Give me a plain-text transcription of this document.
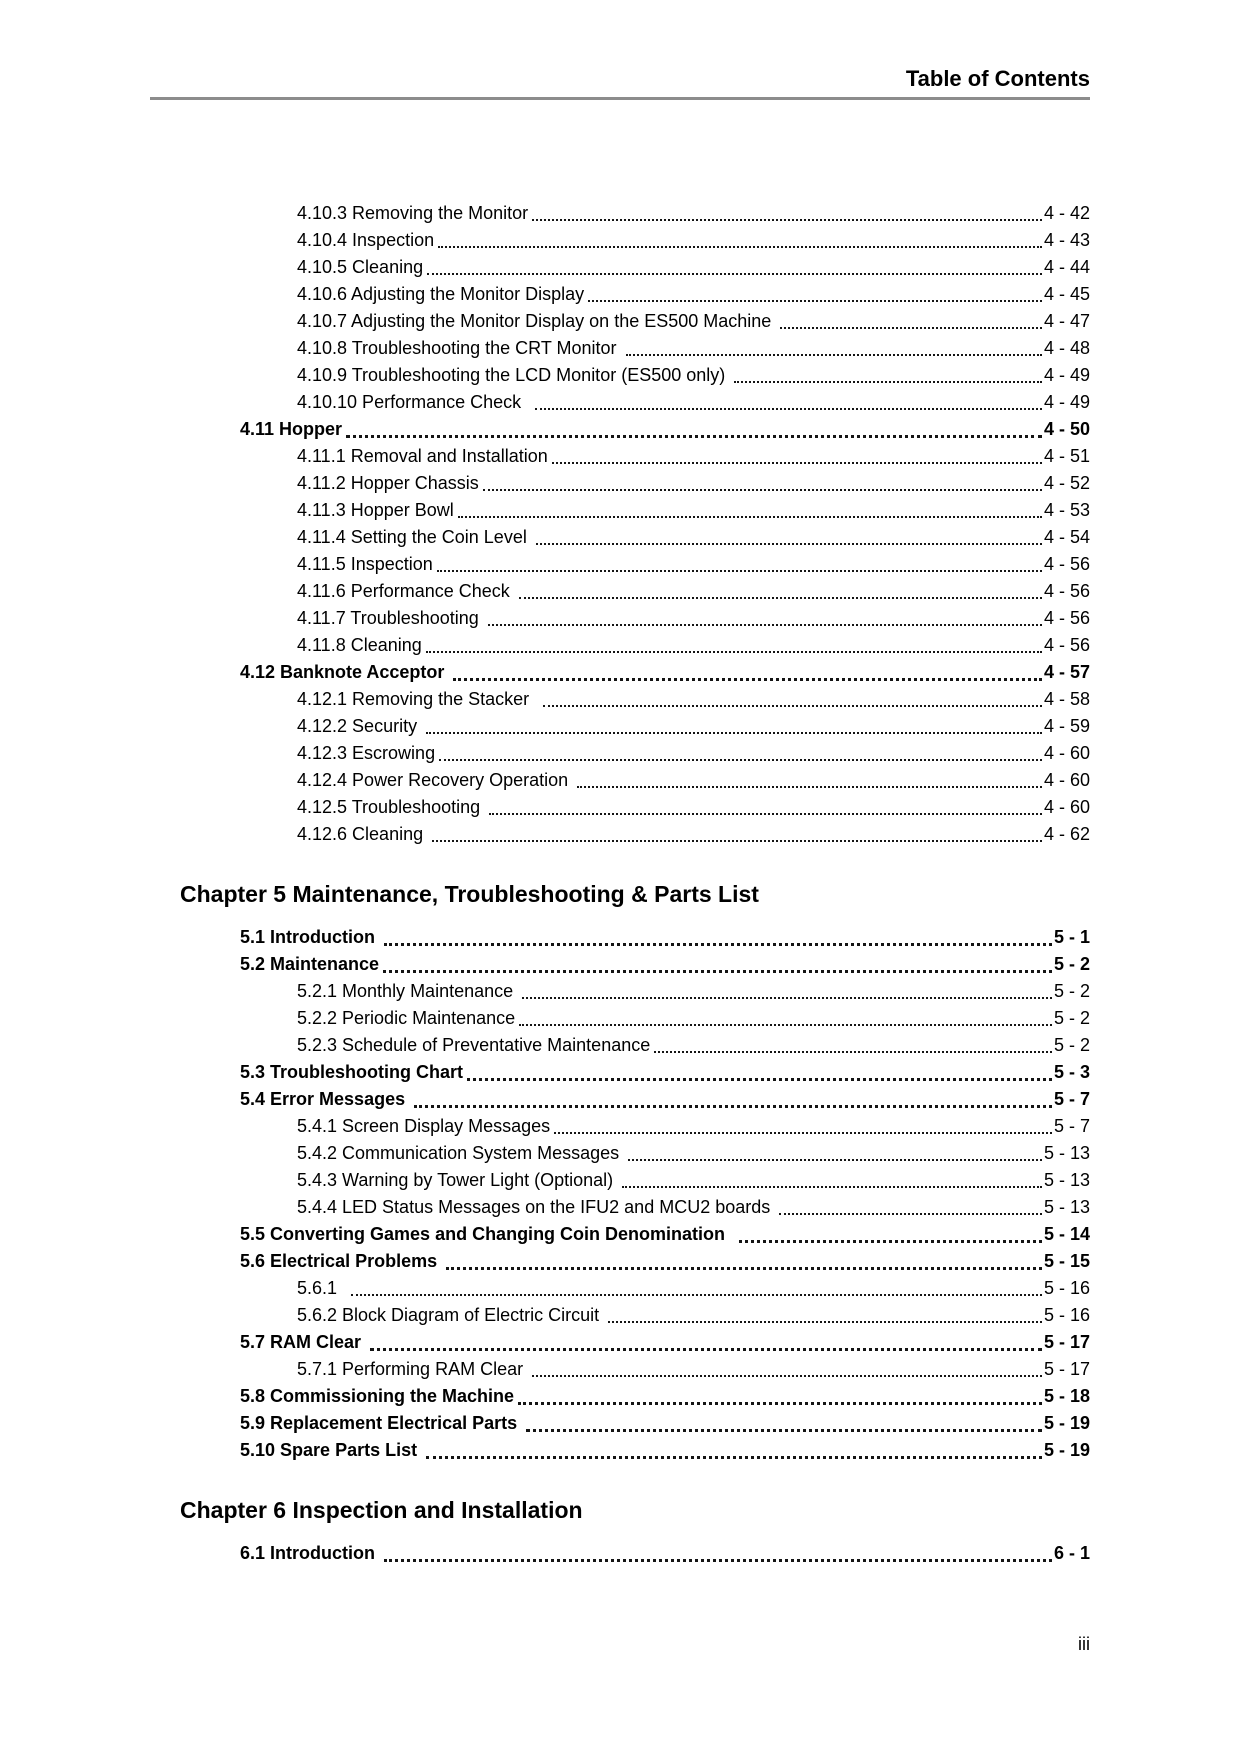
Table of Contents
4.10.3 Removing the Monitor	4 - 42
4.10.4 Inspection	4 - 43
4.10.5 Cleaning	4 - 44
4.10.6 Adjusting the Monitor Display	4 - 45
4.10.7 Adjusting the Monitor Display on the ES500 Machine	4 - 47
4.10.8 Troubleshooting the CRT Monitor	4 - 48
4.10.9 Troubleshooting the LCD Monitor (ES500 only)	4 - 49
4.10.10 Performance Check	4 - 49
4.11 Hopper	4 - 50
4.11.1 Removal and Installation	4 - 51
4.11.2 Hopper Chassis	4 - 52
4.11.3 Hopper Bowl	4 - 53
4.11.4 Setting the Coin Level	4 - 54
4.11.5 Inspection	4 - 56
4.11.6 Performance Check	4 - 56
4.11.7 Troubleshooting	4 - 56
4.11.8 Cleaning	4 - 56
4.12 Banknote Acceptor	4 - 57
4.12.1 Removing the Stacker	4 - 58
4.12.2 Security	4 - 59
4.12.3 Escrowing	4 - 60
4.12.4 Power Recovery Operation	4 - 60
4.12.5 Troubleshooting	4 - 60
4.12.6 Cleaning	4 - 62
Chapter 5 Maintenance, Troubleshooting & Parts List
5.1 Introduction	5 - 1
5.2 Maintenance	5 - 2
5.2.1 Monthly Maintenance	5 - 2
5.2.2 Periodic Maintenance	5 - 2
5.2.3 Schedule of Preventative Maintenance	5 - 2
5.3 Troubleshooting Chart	5 - 3
5.4 Error Messages	5 - 7
5.4.1 Screen Display Messages	5 - 7
5.4.2 Communication System Messages	5 - 13
5.4.3 Warning by Tower Light (Optional)	5 - 13
5.4.4 LED Status Messages on the IFU2 and MCU2 boards	5 - 13
5.5 Converting Games and Changing Coin Denomination	5 - 14
5.6 Electrical Problems	5 - 15
5.6.1	5 - 16
5.6.2 Block Diagram of Electric Circuit	5 - 16
5.7 RAM Clear	5 - 17
5.7.1 Performing RAM Clear	5 - 17
5.8 Commissioning the Machine	5 - 18
5.9 Replacement Electrical Parts	5 - 19
5.10 Spare Parts List	5 - 19
Chapter 6 Inspection and Installation
6.1 Introduction	6 - 1
iii
